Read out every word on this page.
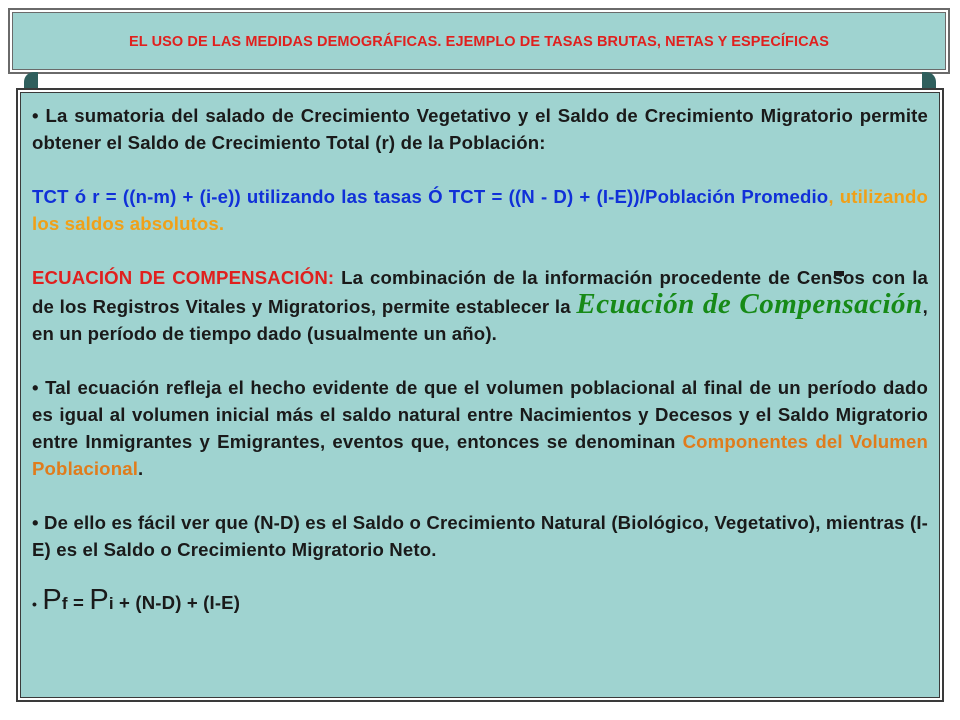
EL USO DE LAS MEDIDAS DEMOGRÁFICAS. EJEMPLO DE TASAS BRUTAS, NETAS Y ESPECÍFICAS

• La sumatoria del salado de Crecimiento Vegetativo y el Saldo de Crecimiento Migratorio permite obtener el Saldo de Crecimiento Total (r) de la Población:

TCT ó r = ((n-m) + (i-e)) utilizando las tasas Ó TCT = ((N - D) + (I-E))/Población Promedio, utilizando los saldos absolutos.

ECUACIÓN DE COMPENSACIÓN: La combinación de la información procedente de Censos con la de los Registros Vitales y Migratorios, permite establecer la Ecuación de Compensación, en un período de tiempo dado (usualmente un año).

• Tal ecuación refleja el hecho evidente de que el volumen poblacional al final de un período dado es igual al volumen inicial más el saldo natural entre Nacimientos y Decesos y el Saldo Migratorio entre Inmigrantes y Emigrantes, eventos que, entonces se denominan Componentes del Volumen Poblacional.

• De ello es fácil ver que (N-D) es el Saldo o Crecimiento Natural (Biológico, Vegetativo), mientras (I-E) es el Saldo o Crecimiento Migratorio Neto.

• Pf = Pi + (N-D) + (I-E)
